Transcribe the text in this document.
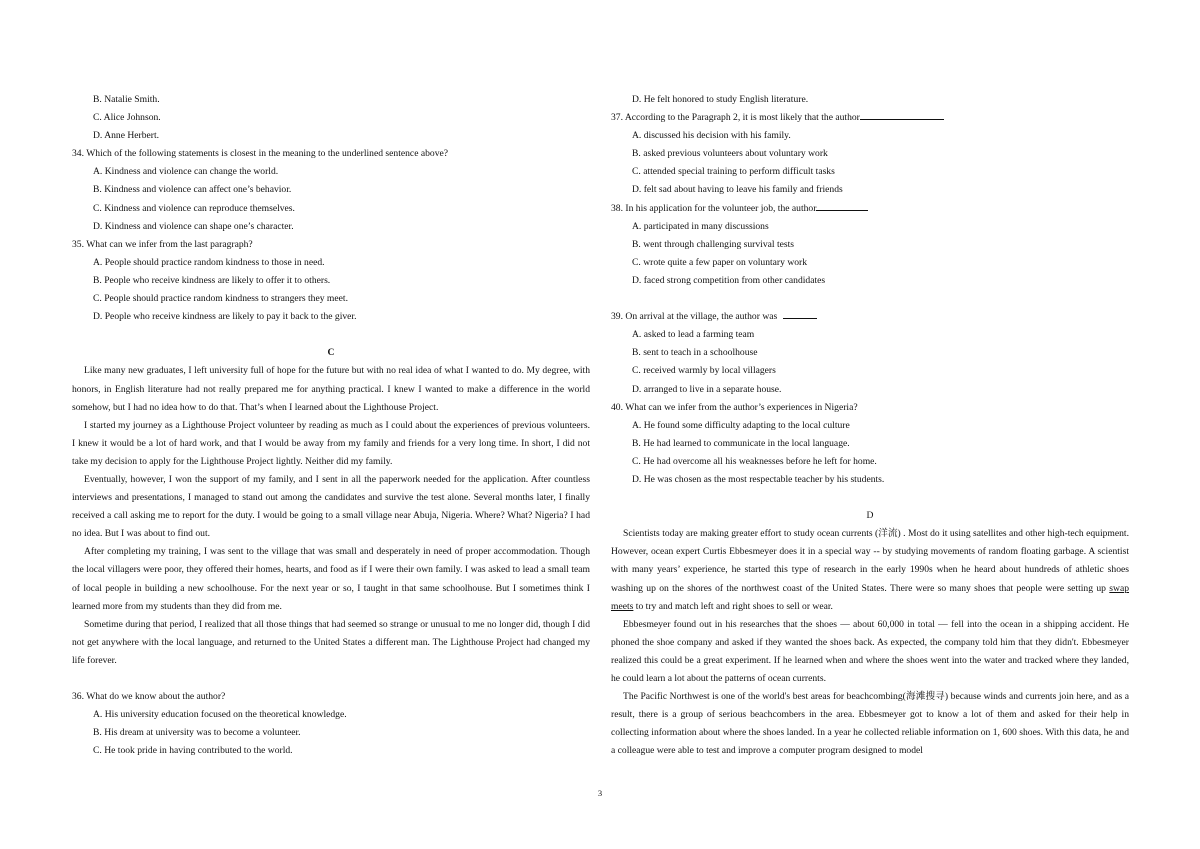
B. Natalie Smith.
C. Alice Johnson.
D. Anne Herbert.
34. Which of the following statements is closest in the meaning to the underlined sentence above?
A. Kindness and violence can change the world.
B. Kindness and violence can affect one’s behavior.
C. Kindness and violence can reproduce themselves.
D. Kindness and violence can shape one’s character.
35. What can we infer from the last paragraph?
A. People should practice random kindness to those in need.
B. People who receive kindness are likely to offer it to others.
C. People should practice random kindness to strangers they meet.
D. People who receive kindness are likely to pay it back to the giver.
C
Like many new graduates, I left university full of hope for the future but with no real idea of what I wanted to do. My degree, with honors, in English literature had not really prepared me for anything practical. I knew I wanted to make a difference in the world somehow, but I had no idea how to do that. That’s when I learned about the Lighthouse Project.
I started my journey as a Lighthouse Project volunteer by reading as much as I could about the experiences of previous volunteers. I knew it would be a lot of hard work, and that I would be away from my family and friends for a very long time. In short, I did not take my decision to apply for the Lighthouse Project lightly. Neither did my family.
Eventually, however, I won the support of my family, and I sent in all the paperwork needed for the application. After countless interviews and presentations, I managed to stand out among the candidates and survive the test alone. Several months later, I finally received a call asking me to report for the duty. I would be going to a small village near Abuja, Nigeria. Where? What? Nigeria? I had no idea. But I was about to find out.
After completing my training, I was sent to the village that was small and desperately in need of proper accommodation. Though the local villagers were poor, they offered their homes, hearts, and food as if I were their own family. I was asked to lead a small team of local people in building a new schoolhouse. For the next year or so, I taught in that same schoolhouse. But I sometimes think I learned more from my students than they did from me.
Sometime during that period, I realized that all those things that had seemed so strange or unusual to me no longer did, though I did not get anywhere with the local language, and returned to the United States a different man. The Lighthouse Project had changed my life forever.
36. What do we know about the author?
A. His university education focused on the theoretical knowledge.
B. His dream at university was to become a volunteer.
C. He took pride in having contributed to the world.
D. He felt honored to study English literature.
37. According to the Paragraph 2, it is most likely that the author
A. discussed his decision with his family.
B. asked previous volunteers about voluntary work
C. attended special training to perform difficult tasks
D. felt sad about having to leave his family and friends
38. In his application for the volunteer job, the author
A. participated in many discussions
B. went through challenging survival tests
C. wrote quite a few paper on voluntary work
D. faced strong competition from other candidates
39. On arrival at the village, the author was
A. asked to lead a farming team
B. sent to teach in a schoolhouse
C. received warmly by local villagers
D. arranged to live in a separate house.
40. What can we infer from the author’s experiences in Nigeria?
A. He found some difficulty adapting to the local culture
B. He had learned to communicate in the local language.
C. He had overcome all his weaknesses before he left for home.
D. He was chosen as the most respectable teacher by his students.
D
Scientists today are making greater effort to study ocean currents (洋流) . Most do it using satellites and other high-tech equipment. However, ocean expert Curtis Ebbesmeyer does it in a special way -- by studying movements of random floating garbage. A scientist with many years’ experience, he started this type of research in the early 1990s when he heard about hundreds of athletic shoes washing up on the shores of the northwest coast of the United States. There were so many shoes that people were setting up swap meets to try and match left and right shoes to sell or wear.
Ebbesmeyer found out in his researches that the shoes — about 60,000 in total — fell into the ocean in a shipping accident. He phoned the shoe company and asked if they wanted the shoes back. As expected, the company told him that they didn't. Ebbesmeyer realized this could be a great experiment. If he learned when and where the shoes went into the water and tracked where they landed, he could learn a lot about the patterns of ocean currents.
The Pacific Northwest is one of the world's best areas for beachcombing(海滩搜寻) because winds and currents join here, and as a result, there is a group of serious beachcombers in the area. Ebbesmeyer got to know a lot of them and asked for their help in collecting information about where the shoes landed. In a year he collected reliable information on 1, 600 shoes. With this data, he and a colleague were able to test and improve a computer program designed to model
3
